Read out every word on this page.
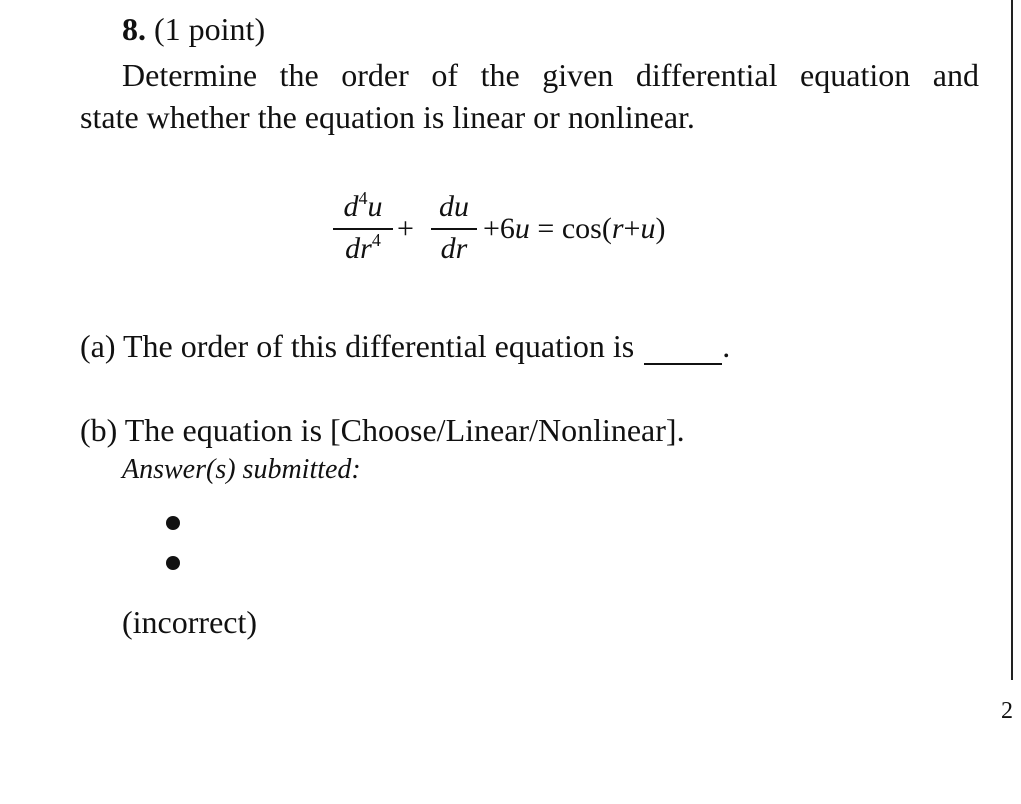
2
8. (1 point)
Determine the order of the given differential equation and
state whether the equation is linear or nonlinear.
$d^4u$
$dr^4$ +
du
dr
+6u = cos(r+u)
(a) The order of this differential equation is	.
(b) The equation is [Choose/Linear/Nonlinear].
Answer(s) submitted:
(incorrect)
